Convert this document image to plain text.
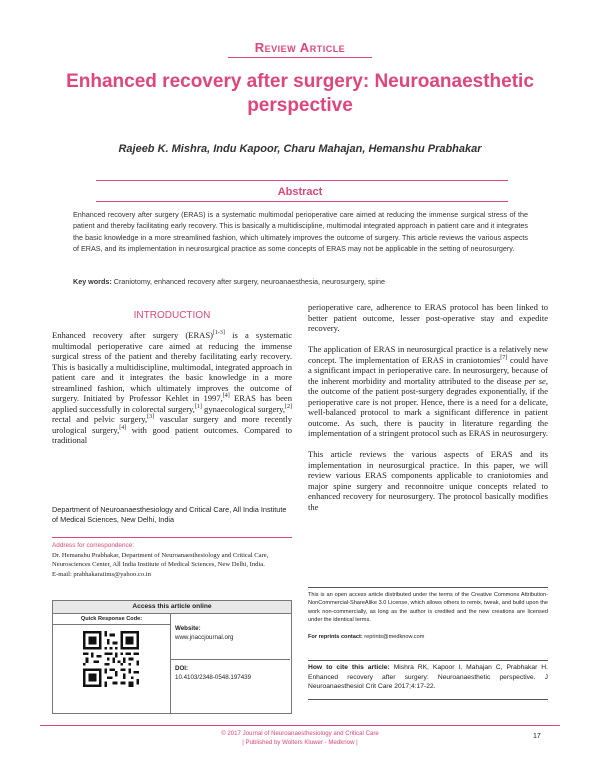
Review Article
Enhanced recovery after surgery: Neuroanaesthetic perspective
Rajeeb K. Mishra, Indu Kapoor, Charu Mahajan, Hemanshu Prabhakar
Abstract
Enhanced recovery after surgery (ERAS) is a systematic multimodal perioperative care aimed at reducing the immense surgical stress of the patient and thereby facilitating early recovery. This is basically a multidiscipline, multimodal integrated approach in patient care and it integrates the basic knowledge in a more streamlined fashion, which ultimately improves the outcome of surgery. This article reviews the various aspects of ERAS, and its implementation in neurosurgical practice as some concepts of ERAS may not be applicable in the setting of neurosurgery.
Key words: Craniotomy, enhanced recovery after surgery, neuroanaesthesia, neurosurgery, spine
INTRODUCTION

Enhanced recovery after surgery (ERAS)[1-3] is a systematic multimodal perioperative care aimed at reducing the immense surgical stress of the patient and thereby facilitating early recovery. This is basically a multidiscipline, multimodal, integrated approach in patient care and it integrates the basic knowledge in a more streamlined fashion, which ultimately improves the outcome of surgery. Initiated by Professor Kehlet in 1997,[4] ERAS has been applied successfully in colorectal surgery,[1] gynaecological surgery,[2] rectal and pelvic surgery,[3] vascular surgery and more recently urological surgery,[4] with good patient outcomes. Compared to traditional

Department of Neuroanaesthesiology and Critical Care, All India Institute of Medical Sciences, New Delhi, India
Address for correspondence:
Dr. Hemanshu Prabhakar, Department of Neuroanaesthesiology and Critical Care, Neurosciences Center, All India Institute of Medical Sciences, New Delhi, India.
E-mail: prabhakaraiims@yahoo.co.in
Access this article online
Quick Response Code:
Website:
www.jnaccjournal.org
DOI:
10.4103/2348-0548.197439

perioperative care, adherence to ERAS protocol has been linked to better patient outcome, lesser post-operative stay and expedite recovery.

The application of ERAS in neurosurgical practice is a relatively new concept. The implementation of ERAS in craniotomies[7] could have a significant impact in perioperative care. In neurosurgery, because of the inherent morbidity and mortality attributed to the disease per se, the outcome of the patient post-surgery degrades exponentially, if the perioperative care is not proper. Hence, there is a need for a delicate, well-balanced protocol to mark a significant difference in patient outcome. As such, there is paucity in literature regarding the implementation of a stringent protocol such as ERAS in neurosurgery.

This article reviews the various aspects of ERAS and its implementation in neurosurgical practice. In this paper, we will review various ERAS components applicable to craniotomies and major spine surgery and reconnoitre unique concepts related to enhanced recovery for neurosurgery. The protocol basically modifies the

This is an open access article distributed under the terms of the Creative Commons Attribution-NonCommercial-ShareAlike 3.0 License, which allows others to remix, tweak, and build upon the work non-commercially, as long as the author is credited and the new creations are licensed under the identical terms.
For reprints contact: reprints@medknow.com
How to cite this article: Mishra RK, Kapoor I, Mahajan C, Prabhakar H. Enhanced recovery after surgery: Neuroanaesthetic perspective. J Neuroanaesthesiol Crit Care 2017;4:17-22.
© 2017 Journal of Neuroanaesthesiology and Critical Care
| Published by Wolters Kluwer - Medknow |
17
